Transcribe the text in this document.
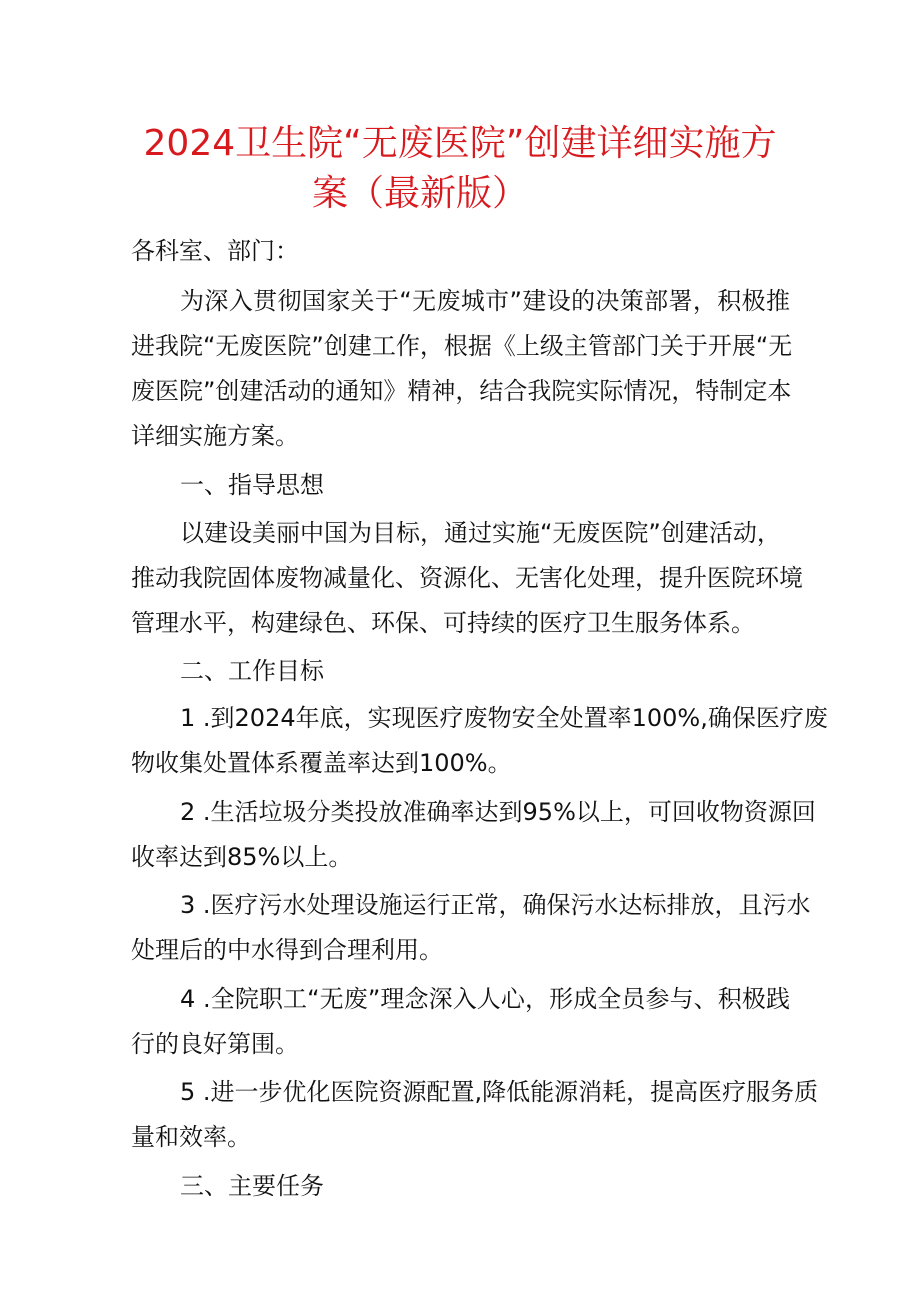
2024卫生院“无废医院”创建详细实施方
案（最新版）
各科室、部门：
为深入贯彻国家关于“无废城市”建设的决策部署，积极推
进我院“无废医院”创建工作，根据《上级主管部门关于开展“无
废医院”创建活动的通知》精神，结合我院实际情况，特制定本
详细实施方案。
一、指导思想
以建设美丽中国为目标，通过实施“无废医院”创建活动，
推动我院固体废物减量化、资源化、无害化处理，提升医院环境
管理水平，构建绿色、环保、可持续的医疗卫生服务体系。
二、工作目标
1 .到2024年底，实现医疗废物安全处置率100%,确保医疗废
物收集处置体系覆盖率达到100%。
2 .生活垃圾分类投放准确率达到95%以上，可回收物资源回
收率达到85%以上。
3 .医疗污水处理设施运行正常，确保污水达标排放，且污水
处理后的中水得到合理利用。
4 .全院职工“无废”理念深入人心，形成全员参与、积极践
行的良好第围。
5 .进一步优化医院资源配置,降低能源消耗，提高医疗服务质
量和效率。
三、主要任务
